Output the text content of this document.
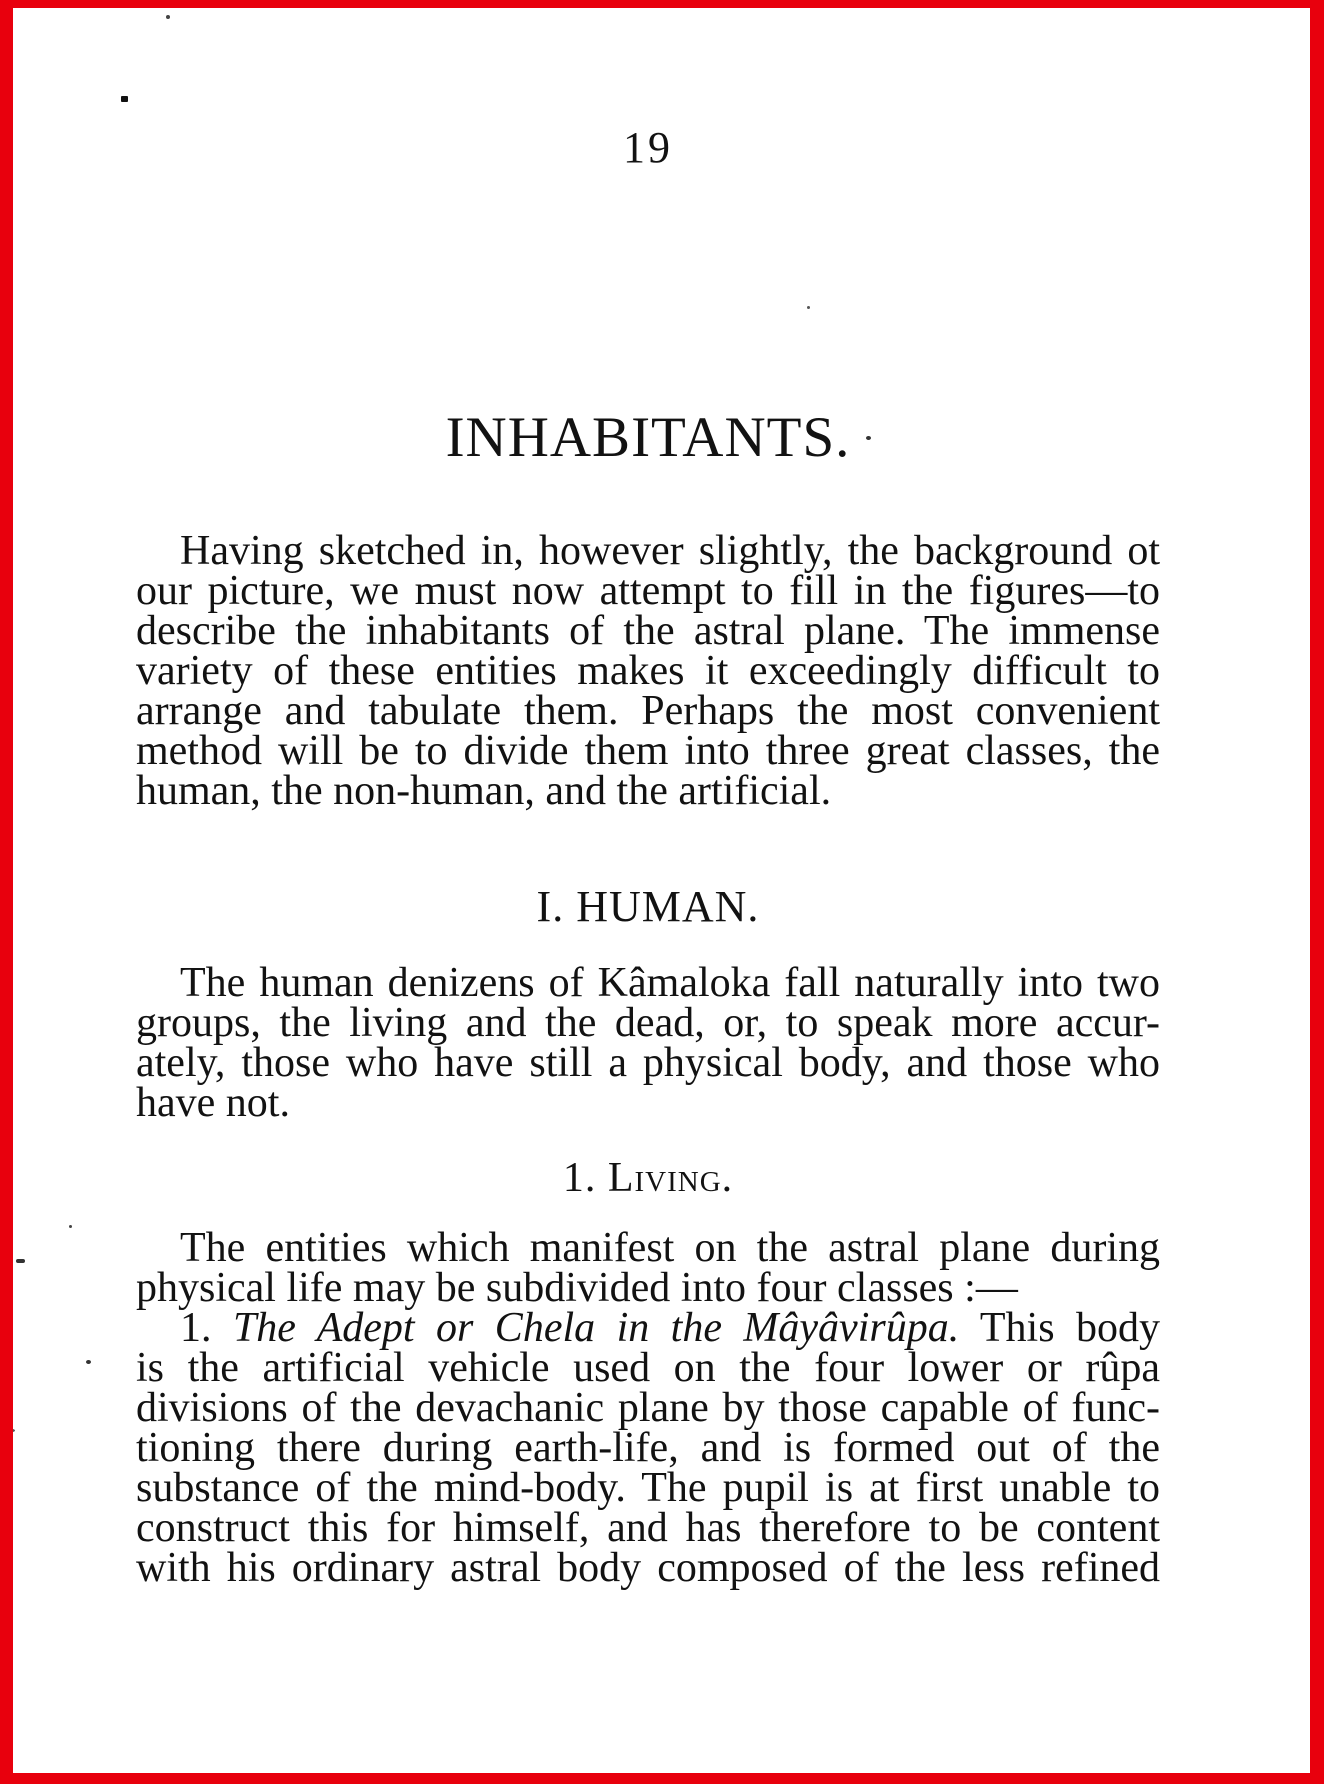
19
INHABITANTS.
Having sketched in, however slightly, the background ot
our picture, we must now attempt to fill in the figures—to
describe the inhabitants of the astral plane. The immense
variety of these entities makes it exceedingly difficult to
arrange and tabulate them. Perhaps the most convenient
method will be to divide them into three great classes, the
human, the non-human, and the artificial.
I. HUMAN.
The human denizens of Kâmaloka fall naturally into two
groups, the living and the dead, or, to speak more accur-
ately, those who have still a physical body, and those who
have not.
1. Living.
The entities which manifest on the astral plane during
physical life may be subdivided into four classes :—
1. The Adept or Chela in the Mâyâvirûpa. This body
is the artificial vehicle used on the four lower or rûpa
divisions of the devachanic plane by those capable of func-
tioning there during earth-life, and is formed out of the
substance of the mind-body. The pupil is at first unable to
construct this for himself, and has therefore to be content
with his ordinary astral body composed of the less refined
